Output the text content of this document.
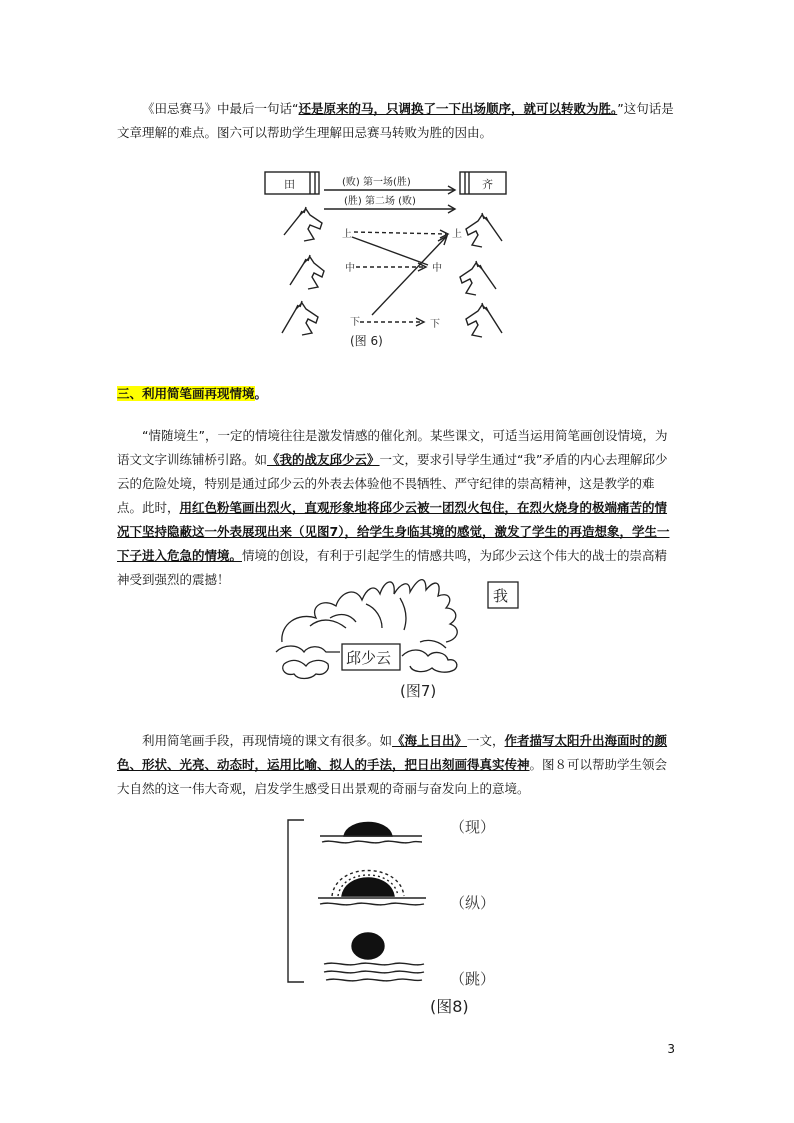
《田忌赛马》中最后一句话“还是原来的马，只调换了一下出场顺序，就可以转败为胜。”这句话是文章理解的难点。图六可以帮助学生理解田忌赛马转败为胜的因由。

田	齐
(败) 第一场(胜)
(胜) 第二场 (败)
上
中
下
上
中
下
(图 6)

三、利用简笔画再现情境。

“情随境生”，一定的情境往往是激发情感的催化剂。某些课文，可适当运用简笔画创设情境，为语文文字训练铺桥引路。如《我的战友邱少云》一文，要求引导学生通过“我”矛盾的内心去理解邱少云的危险处境，特别是通过邱少云的外表去体验他不畏牺牲、严守纪律的崇高精神，这是教学的难点。此时，用红色粉笔画出烈火，直观形象地将邱少云被一团烈火包住，在烈火烧身的极端痛苦的情况下坚持隐蔽这一外表展现出来（见图7），给学生身临其境的感觉，激发了学生的再造想象，学生一下子进入危急的情境。情境的创设，有利于引起学生的情感共鸣，为邱少云这个伟大的战士的崇高精神受到强烈的震撼！

邱少云
我
(图7)

利用简笔画手段，再现情境的课文有很多。如《海上日出》一文，作者描写太阳升出海面时的颜色、形状、光亮、动态时，运用比喻、拟人的手法，把日出刻画得真实传神。图８可以帮助学生领会大自然的这一伟大奇观，启发学生感受日出景观的奇丽与奋发向上的意境。

（现）
（纵）
（跳）
(图8)
3
